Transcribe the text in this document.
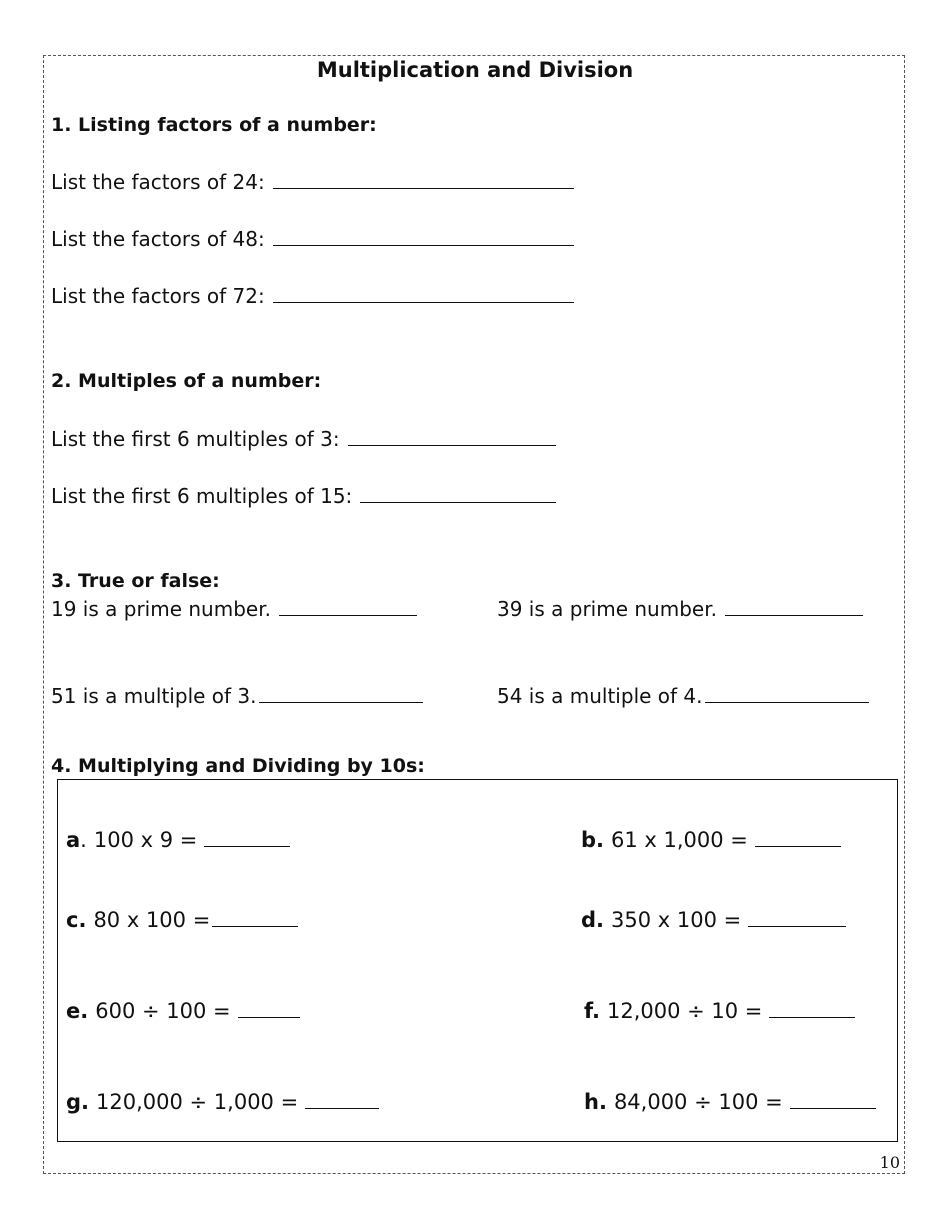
Multiplication and Division
1. Listing factors of a number:
List the factors of 24:
List the factors of 48:
List the factors of 72:
2. Multiples of a number:
List the first 6 multiples of 3:
List the first 6 multiples of 15:
3. True or false:
19 is a prime number.	39 is a prime number.
51 is a multiple of 3.	54 is a multiple of 4.
4. Multiplying and Dividing by 10s:
a . 100 x 9 =	b. 61 x 1,000 =
c. 80 x 100 =	d. 350 x 100 =
e. 600 ÷ 100 =	f. 12,000 ÷ 10 =
g. 120,000 ÷ 1,000 =	h. 84,000 ÷ 100 =
10
